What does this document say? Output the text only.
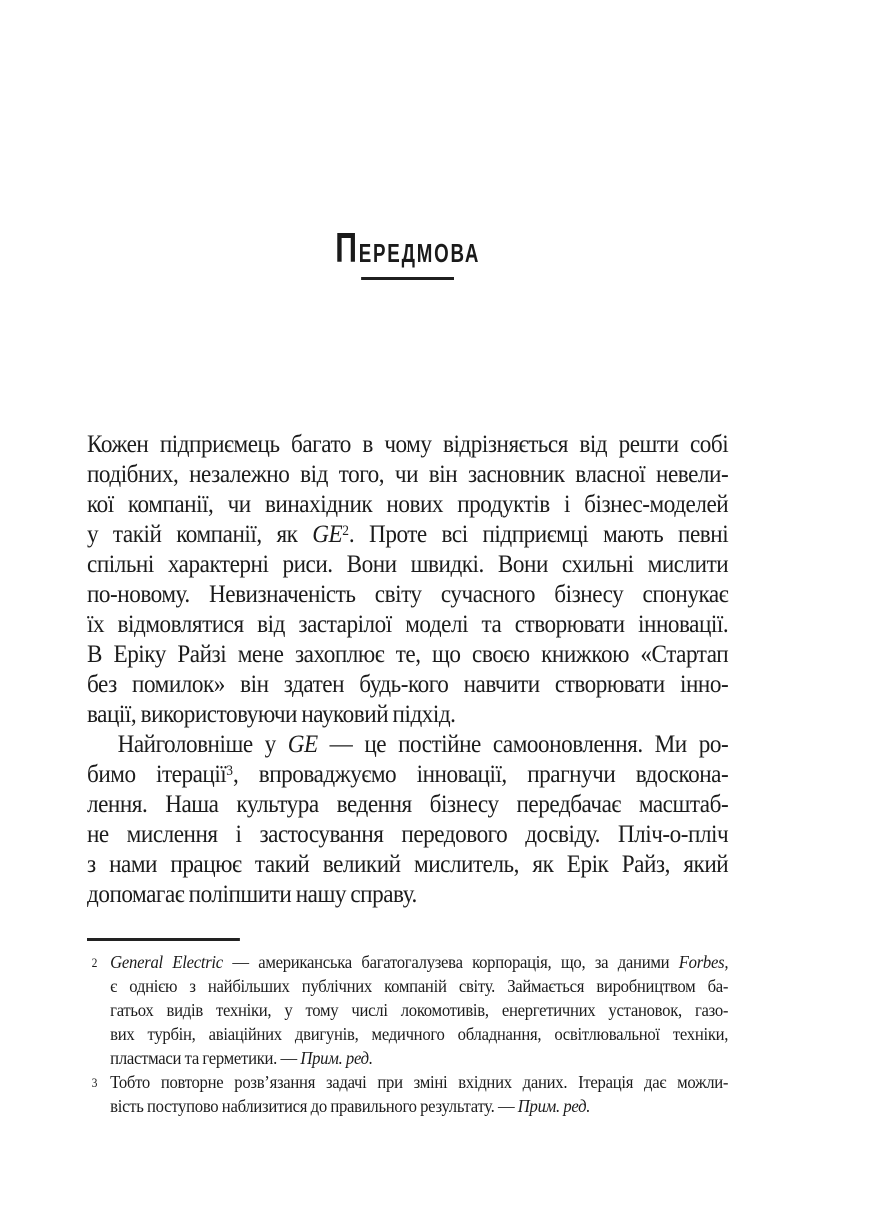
ПЕРЕДМОВА
Кожен підприємець багато в чому відрізняється від решти собі
подібних, незалежно від того, чи він засновник власної невели-
кої компанії, чи винахідник нових продуктів і бізнес-моделей
у такій компанії, як GE$^2$. Проте всі підприємці мають певні
спільні характерні риси. Вони швидкі. Вони схильні мислити
по-новому. Невизначеність світу сучасного бізнесу спонукає
їх відмовлятися від застарілої моделі та створювати інновації.
В Еріку Райзі мене захоплює те, що своєю книжкою «Стартап
без помилок» він здатен будь-кого навчити створювати інно-
вації, використовуючи науковий підхід.
Найголовніше у GE — це постійне самооновлення. Ми ро-
бимо ітерації$^3$, впроваджуємо інновації, прагнучи вдоскона-
лення. Наша культура ведення бізнесу передбачає масштаб-
не мислення і застосування передового досвіду. Пліч-о-пліч
з нами працює такий великий мислитель, як Ерік Райз, який
допомагає поліпшити нашу справу.
2 General Electric — американська багатогалузева корпорація, що, за даними Forbes,
є однією з найбільших публічних компаній світу. Займається виробництвом ба-
гатьох видів техніки, у тому числі локомотивів, енергетичних установок, газо-
вих турбін, авіаційних двигунів, медичного обладнання, освітлювальної техніки,
пластмаси та герметики. — Прим. ред.
3 Тобто повторне розв’язання задачі при зміні вхідних даних. Ітерація дає можли-
вість поступово наблизитися до правильного результату. — Прим. ред.
